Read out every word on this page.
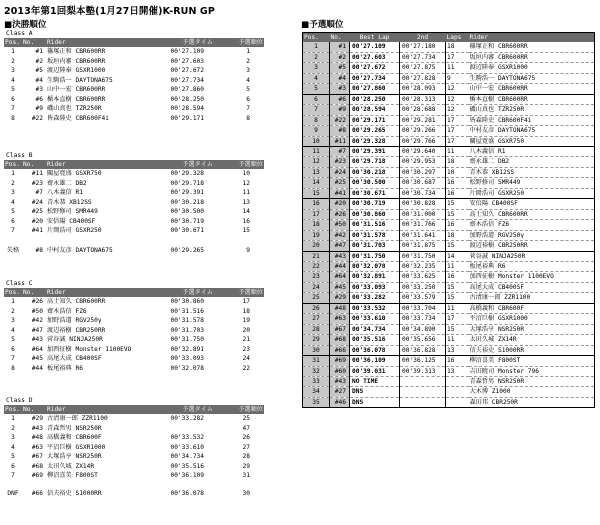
2013年第1回梨本塾(1月27日開催)K-RUN GP
■決勝順位	■予選順位
Class A
Pos.	No.	Rider	予選タイム	予選順位
1	#1	篠塚正和 CBR600RR	00'27.109	1
2	#2	坂垣内審 CBR600RR	00'27.603	2
3	#5	渡辺陸奉 GSXR1000	00'27.672	3
4	#4	生駒浩一 DAYTONA675	00'27.734	4
5	#3	山中一宏 CBR600RR	00'27.860	5
6	#6	楯本直樹 CBR600RR	00'28.250	6
7	#9	磯山真也 TZR250R	00'28.594	7
8	#22	皆森陸史 CBR600F4i	00'29.171	8
Class B
Pos.	No.	Rider	予選タイム	予選順位
1	#11	關屋寛盛 GSXR750	00'29.328	10
2	#23	齋永雄二 DB2	00'29.718	12
3	#7	八木義信 R1	00'29.391	11
4	#24	青木恭 XB12SS	00'30.218	13
5	#25	松野修司 SMR449	00'30.500	14
6	#20	安倍陽 CB400SF	00'30.719	16
7	#41	片岡浩司 GSXR250	00'30.671	15

失格	#8	中村友彦 DAYTONA675	00'29.265	9
Class C
Pos.	No.	Rider	予選タイム	予選順位
1	#26	高士知久 CBR600RR	00'30.860	17
2	#50	齋木浩信 FZ6	00'31.516	18
3	#42	加野浩道 RGV250γ	00'31.578	19
4	#47	渡辺裕樹 CBR250RR	00'31.703	20
5	#43	菅谷誠 NINJA250R	00'31.750	21
6	#64	加西征樹 Monster 1100EVO	00'32.891	23
7	#45	高尾大成 CB400SF	00'33.093	24
8	#44	板尾裕典 R6	00'32.078	22
Class D
Pos.	No.	Rider	予選タイム	予選順位
1	#29	古清康一郎 ZZR1100	00'33.282	25
2	#43	青森哲男 NSR250R		47
3	#48	高橋義和 CBR600F	00'33.532	26
4	#63	平沼巨樹 GSXR1000	00'33.610	27
5	#67	大塚浩亨 NSR250R	00'34.734	28
6	#68	太田久城 ZX14R	00'35.516	29
7	#69	柳沼喜美 F800ST	00'36.109	31

DNF	#66	信夫裕史 S1000RR	00'36.078	30
Pos.	No.	Best Lap	2nd	Laps	Rider
1	#1	00'27.109	00'27.180	18	篠塚正和 CBR600RR
2	#2	00'27.603	00'27.734	17	坂垣内審 CBR600RR
3	#5	00'27.672	00'27.875	11	渡辺陸奉 GSXR1000
4	#4	00'27.734	00'27.828	9	生駒浩一 DAYTONA675
5	#3	00'27.860	00'28.093	12	山中一宏 CBR600RR
6	#6	00'28.250	00'28.313	12	楯本直樹 CBR600RR
7	#9	00'28.594	00'28.688	12	磯山真也 TZR250R
8	#22	00'29.171	00'29.281	17	皆森陸史 CBR600F4i
9	#8	00'29.265	00'29.266	17	中村友彦 DAYTONA675
10	#11	00'29.328	00'29.766	17	關屋寛盛 GSXR750
11	#7	00'29.391	00'29.640	11	八木義信 R1
12	#23	00'29.718	00'29.953	18	齋永雄二 DB2
13	#24	00'30.218	00'30.297	10	青木恭 XB12SS
14	#25	00'30.500	00'30.687	16	松野修司 SMR449
15	#41	00'30.671	00'30.734	16	片岡浩司 GSXR250
16	#20	00'30.719	00'30.828	15	安倍陽 CB400SF
17	#26	00'30.860	00'31.000	15	高士知久 CBR600RR
18	#50	00'31.516	00'31.766	16	齋木浩信 FZ6
19	#42	00'31.578	00'31.641	18	加野浩道 RGV250γ
20	#47	00'31.703	00'31.875	15	渡辺裕樹 CBR250RR
21	#43	00'31.750	00'31.750	14	菅谷誠 NINJA250R
22	#44	00'32.078	00'32.235	11	板尾裕典 R6
23	#64	00'32.891	00'33.625	16	加西征樹 Monster 1100EVO
24	#45	00'33.093	00'33.250	15	高尾大成 CB400SF
25	#29	00'33.282	00'33.579	15	古清康一郎 ZZR1100
26	#48	00'33.532	00'33.704	11	高橋義和 CBR600F
27	#63	00'33.610	00'33.734	17	平沼巨樹 GSXR1000
28	#67	00'34.734	00'34.890	15	大塚浩亨 NSR250R
29	#68	00'35.516	00'35.656	11	太田久城 ZX14R
30	#66	00'36.078	00'36.828	13	信夫裕史 S1000RR
31	#69	00'36.109	00'36.125	16	柳沼喜美 F800ST
32	#60	00'39.031	00'39.313	13	吉田暁司 Monster 796
33	#43	NO TIME			青森哲男 NSR250R
34	#27	DNS			大木博 Z1000
35	#46	DNS			森田邦 CBR250R
